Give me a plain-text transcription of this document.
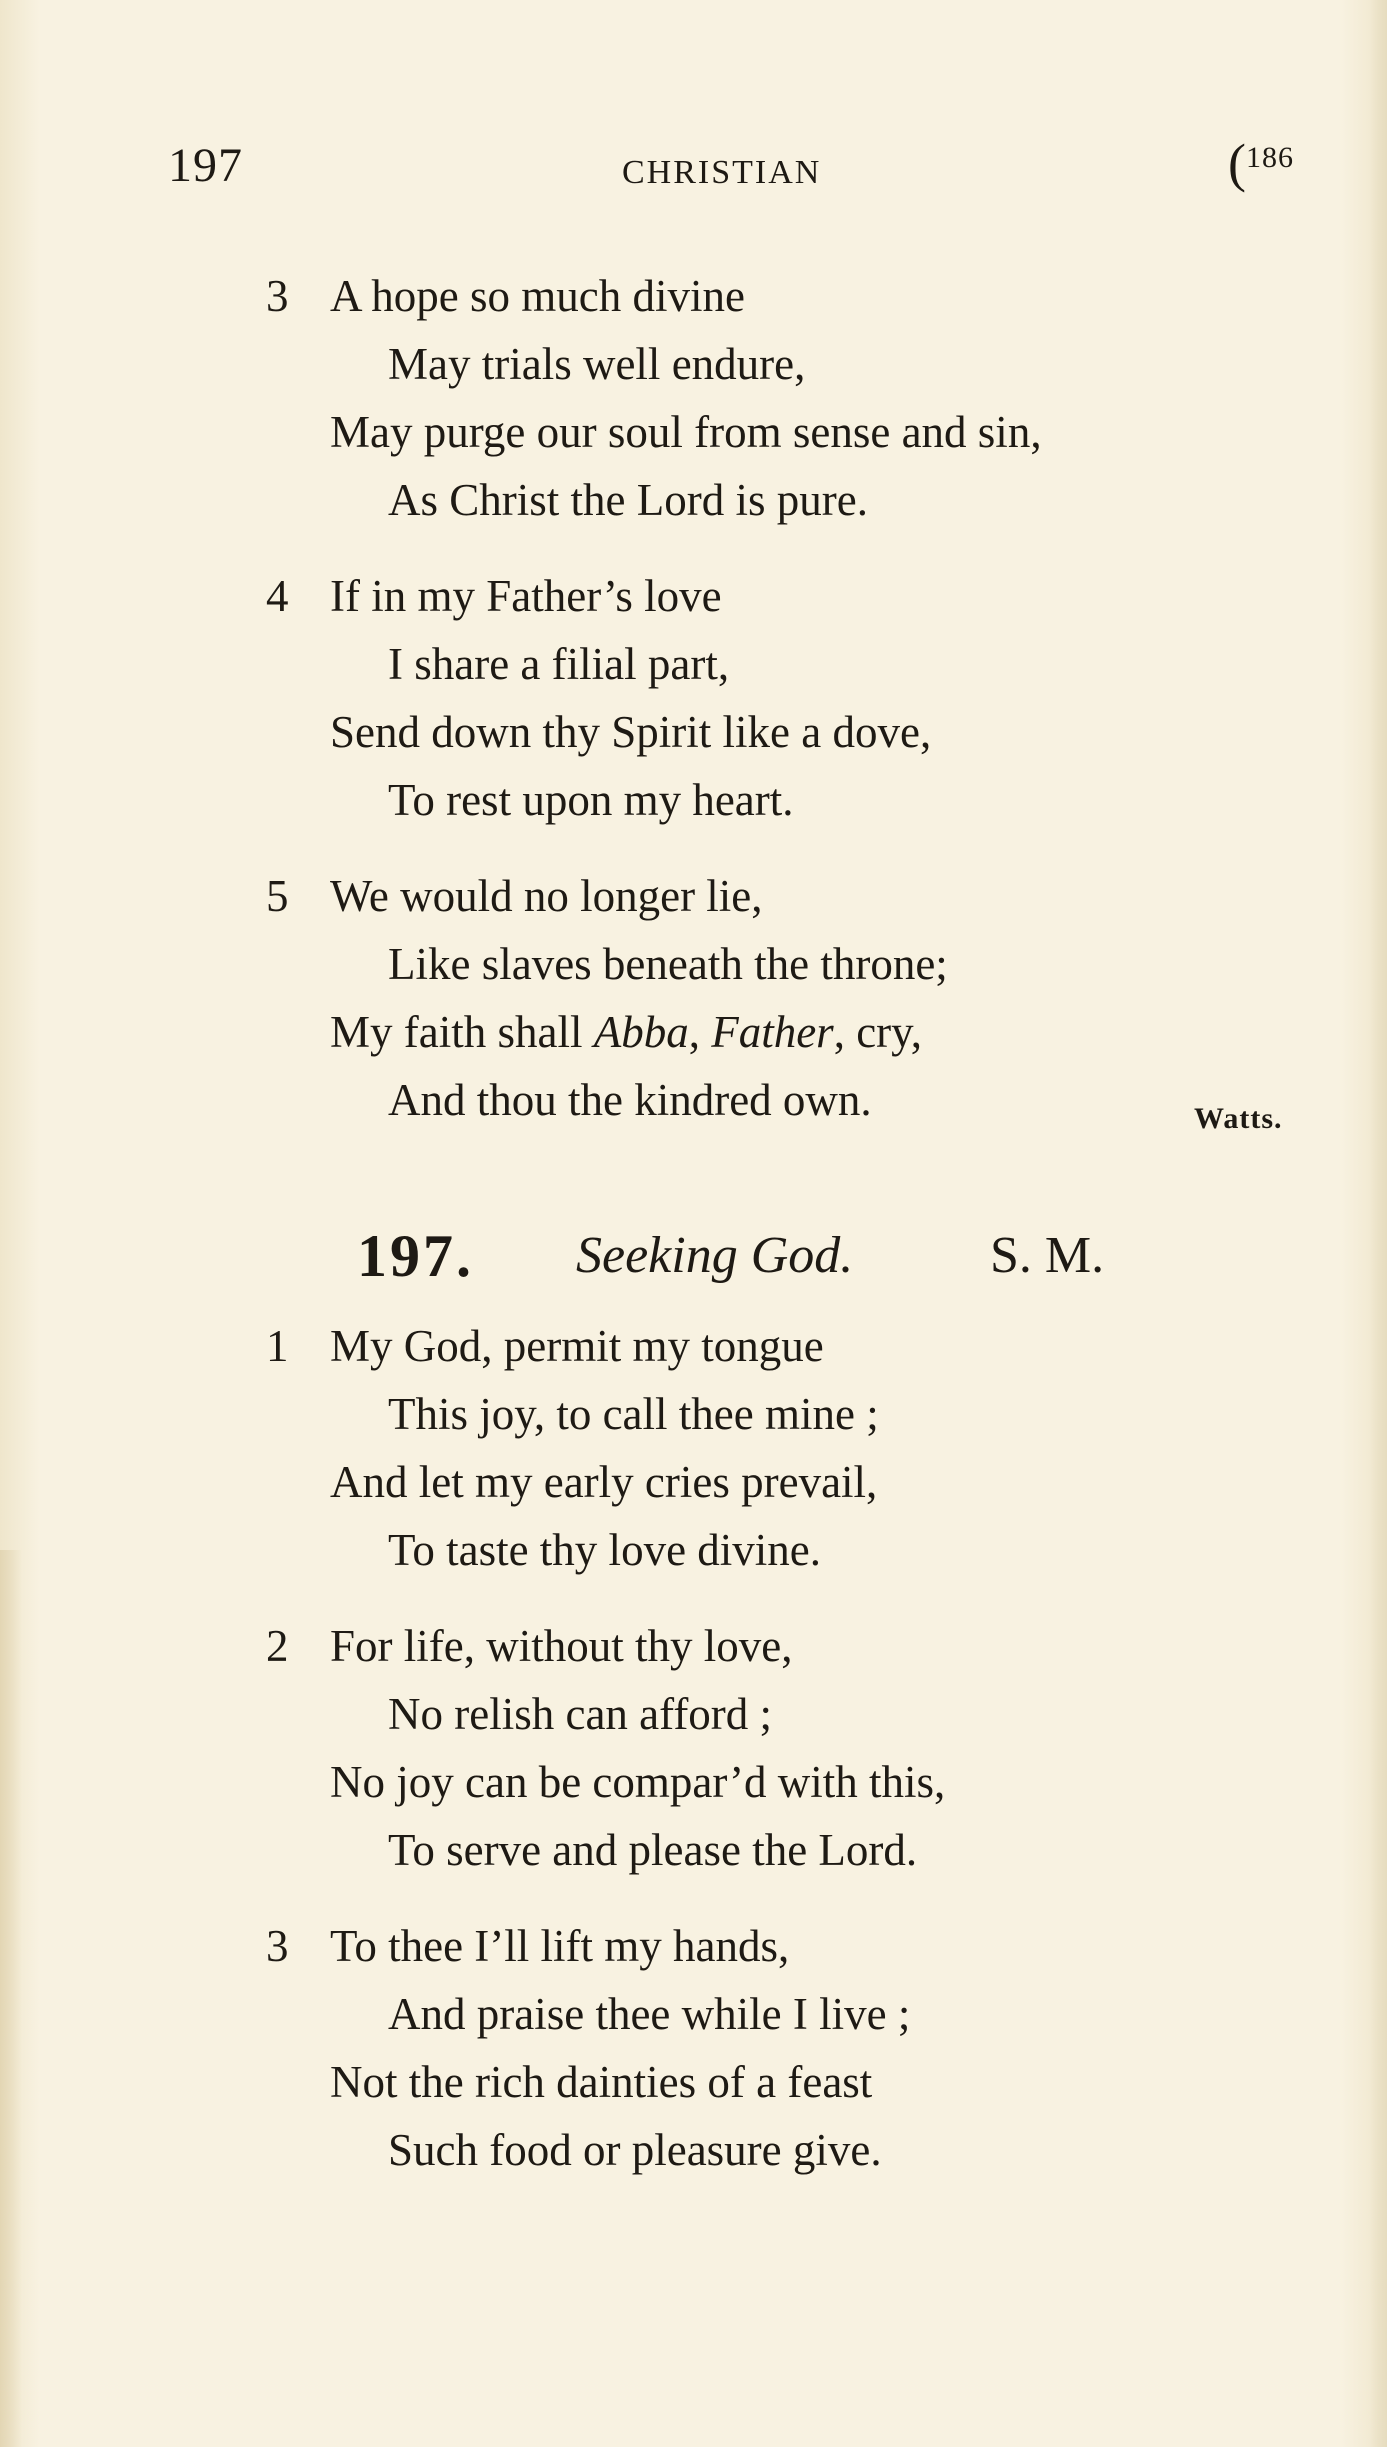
197	CHRISTIAN	($^{186}$
3 A hope so much divine
May trials well endure,
May purge our soul from sense and sin,
As Christ the Lord is pure.
4 If in my Father’s love
I share a filial part,
Send down thy Spirit like a dove,
To rest upon my heart.
5 We would no longer lie,
Like slaves beneath the throne;
My faith shall Abba, Father, cry,
And thou the kindred own.	Watts.
197. Seeking God.	S. M.
1 My God, permit my tongue
This joy, to call thee mine ;
And let my early cries prevail,
To taste thy love divine.
2 For life, without thy love,
No relish can afford ;
No joy can be compar’d with this,
To serve and please the Lord.
3 To thee I’ll lift my hands,
And praise thee while I live ;
Not the rich dainties of a feast
Such food or pleasure give.
